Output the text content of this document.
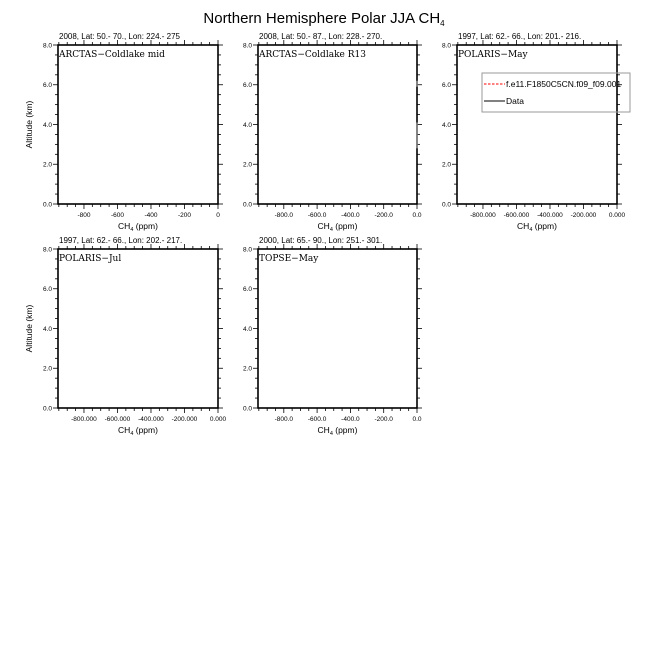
Northern Hemisphere Polar JJA $CH_4$
0.0
2.0
4.0
6.0
8.0
-800	-600	-400	-200	0
$CH_4$ (ppm)
Altitude (km)
2008, Lat: 50.- 70., Lon: 224.- 275
ARCTAS−Coldlake mid
0.0
2.0
4.0
6.0
8.0
-800.0 -600.0 -400.0 -200.0	0.0
$CH_4$ (ppm)
2008, Lat: 50.- 87., Lon: 228.- 270.
ARCTAS−Coldlake R13
0.0
2.0
4.0
6.0
8.0
-800.000 -600.000 -400.000 -200.000 0.000
$CH_4$ (ppm)
1997, Lat: 62.- 66., Lon: 201.- 216.
POLARIS−May
0.0
2.0
4.0
6.0
8.0
-800.000 -600.000 -400.000 -200.000 0.000
$CH_4$ (ppm)
Altitude (km)
1997, Lat: 62.- 66., Lon: 202.- 217.
POLARIS−Jul
0.0
2.0
4.0
6.0
8.0
-800.0 -600.0 -400.0 -200.0	0.0
$CH_4$ (ppm)
2000, Lat: 65.- 90., Lon: 251.- 301.
TOPSE−May
f.e11.F1850C5CN.f09_f09.001
Data
